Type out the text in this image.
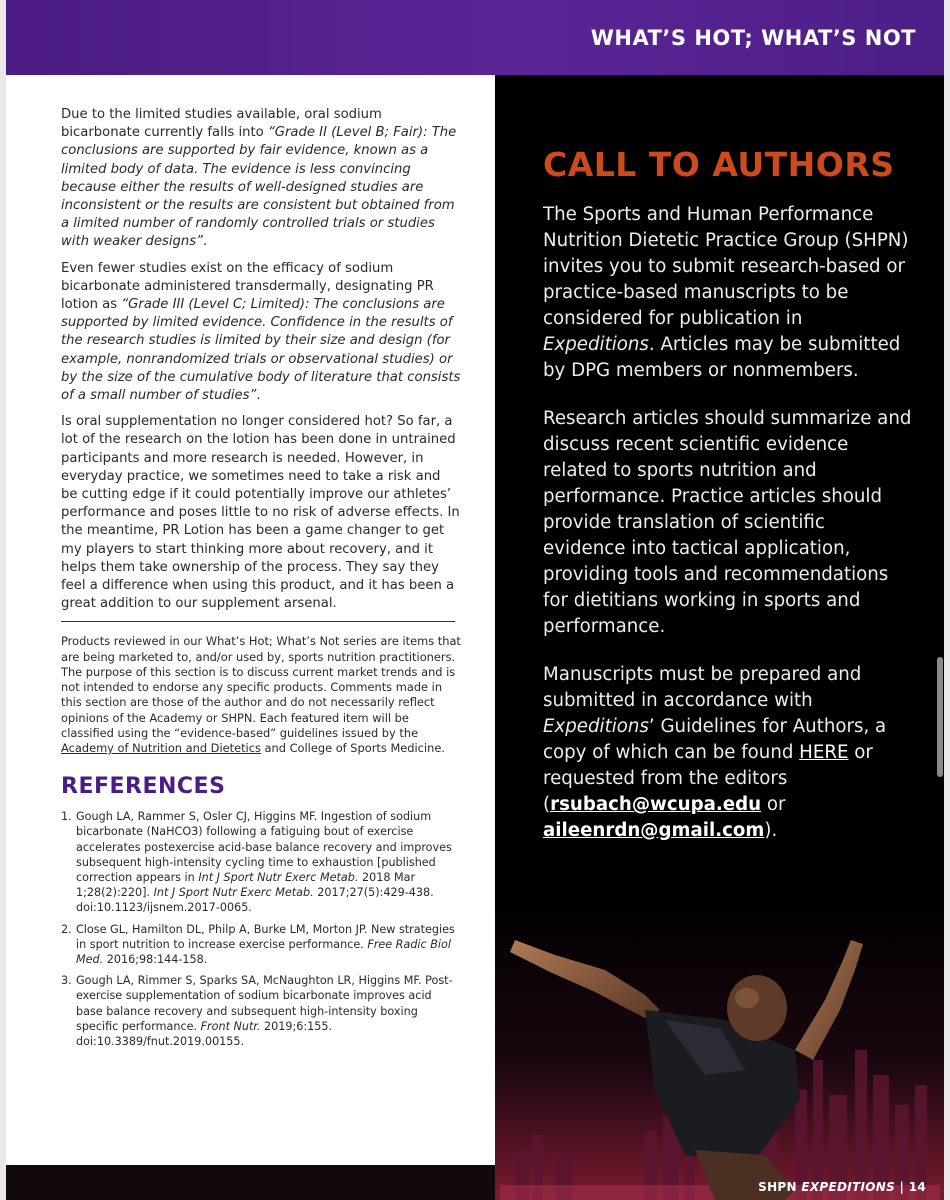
WHAT’S HOT; WHAT’S NOT

Due to the limited studies available, oral sodium bicarbonate currently falls into “Grade II (Level B; Fair): The conclusions are supported by fair evidence, known as a limited body of data. The evidence is less convincing because either the results of well-designed studies are inconsistent or the results are consistent but obtained from a limited number of randomly controlled trials or studies with weaker designs”.

Even fewer studies exist on the efficacy of sodium bicarbonate administered transdermally, designating PR lotion as “Grade III (Level C; Limited): The conclusions are supported by limited evidence. Confidence in the results of the research studies is limited by their size and design (for example, nonrandomized trials or observational studies) or by the size of the cumulative body of literature that consists of a small number of studies”.

Is oral supplementation no longer considered hot? So far, a lot of the research on the lotion has been done in untrained participants and more research is needed. However, in everyday practice, we sometimes need to take a risk and be cutting edge if it could potentially improve our athletes’ performance and poses little to no risk of adverse effects. In the meantime, PR Lotion has been a game changer to get my players to start thinking more about recovery, and it helps them take ownership of the process. They say they feel a difference when using this product, and it has been a great addition to our supplement arsenal.

Products reviewed in our What’s Hot; What’s Not series are items that are being marketed to, and/or used by, sports nutrition practitioners. The purpose of this section is to discuss current market trends and is not intended to endorse any specific products. Comments made in this section are those of the author and do not necessarily reflect opinions of the Academy or SHPN. Each featured item will be classified using the “evidence-based” guidelines issued by the Academy of Nutrition and Dietetics and College of Sports Medicine.
REFERENCES
1. Gough LA, Rammer S, Osler CJ, Higgins MF. Ingestion of sodium bicarbonate (NaHCO3) following a fatiguing bout of exercise accelerates postexercise acid-base balance recovery and improves subsequent high-intensity cycling time to exhaustion [published correction appears in Int J Sport Nutr Exerc Metab. 2018 Mar 1;28(2):220]. Int J Sport Nutr Exerc Metab. 2017;27(5):429-438. doi:10.1123/ijsnem.2017-0065.
2. Close GL, Hamilton DL, Philp A, Burke LM, Morton JP. New strategies in sport nutrition to increase exercise performance. Free Radic Biol Med. 2016;98:144-158.
3. Gough LA, Rimmer S, Sparks SA, McNaughton LR, Higgins MF. Post-exercise supplementation of sodium bicarbonate improves acid base balance recovery and subsequent high-intensity boxing specific performance. Front Nutr. 2019;6:155. doi:10.3389/fnut.2019.00155.
CALL TO AUTHORS

The Sports and Human Performance Nutrition Dietetic Practice Group (SHPN) invites you to submit research-based or practice-based manuscripts to be considered for publication in Expeditions. Articles may be submitted by DPG members or nonmembers.

Research articles should summarize and discuss recent scientific evidence related to sports nutrition and performance. Practice articles should provide translation of scientific evidence into tactical application, providing tools and recommendations for dietitians working in sports and performance.

Manuscripts must be prepared and submitted in accordance with Expeditions’ Guidelines for Authors, a copy of which can be found HERE or requested from the editors (rsubach@wcupa.edu or aileenrdn@gmail.com).

SHPN EXPEDITIONS | 14
